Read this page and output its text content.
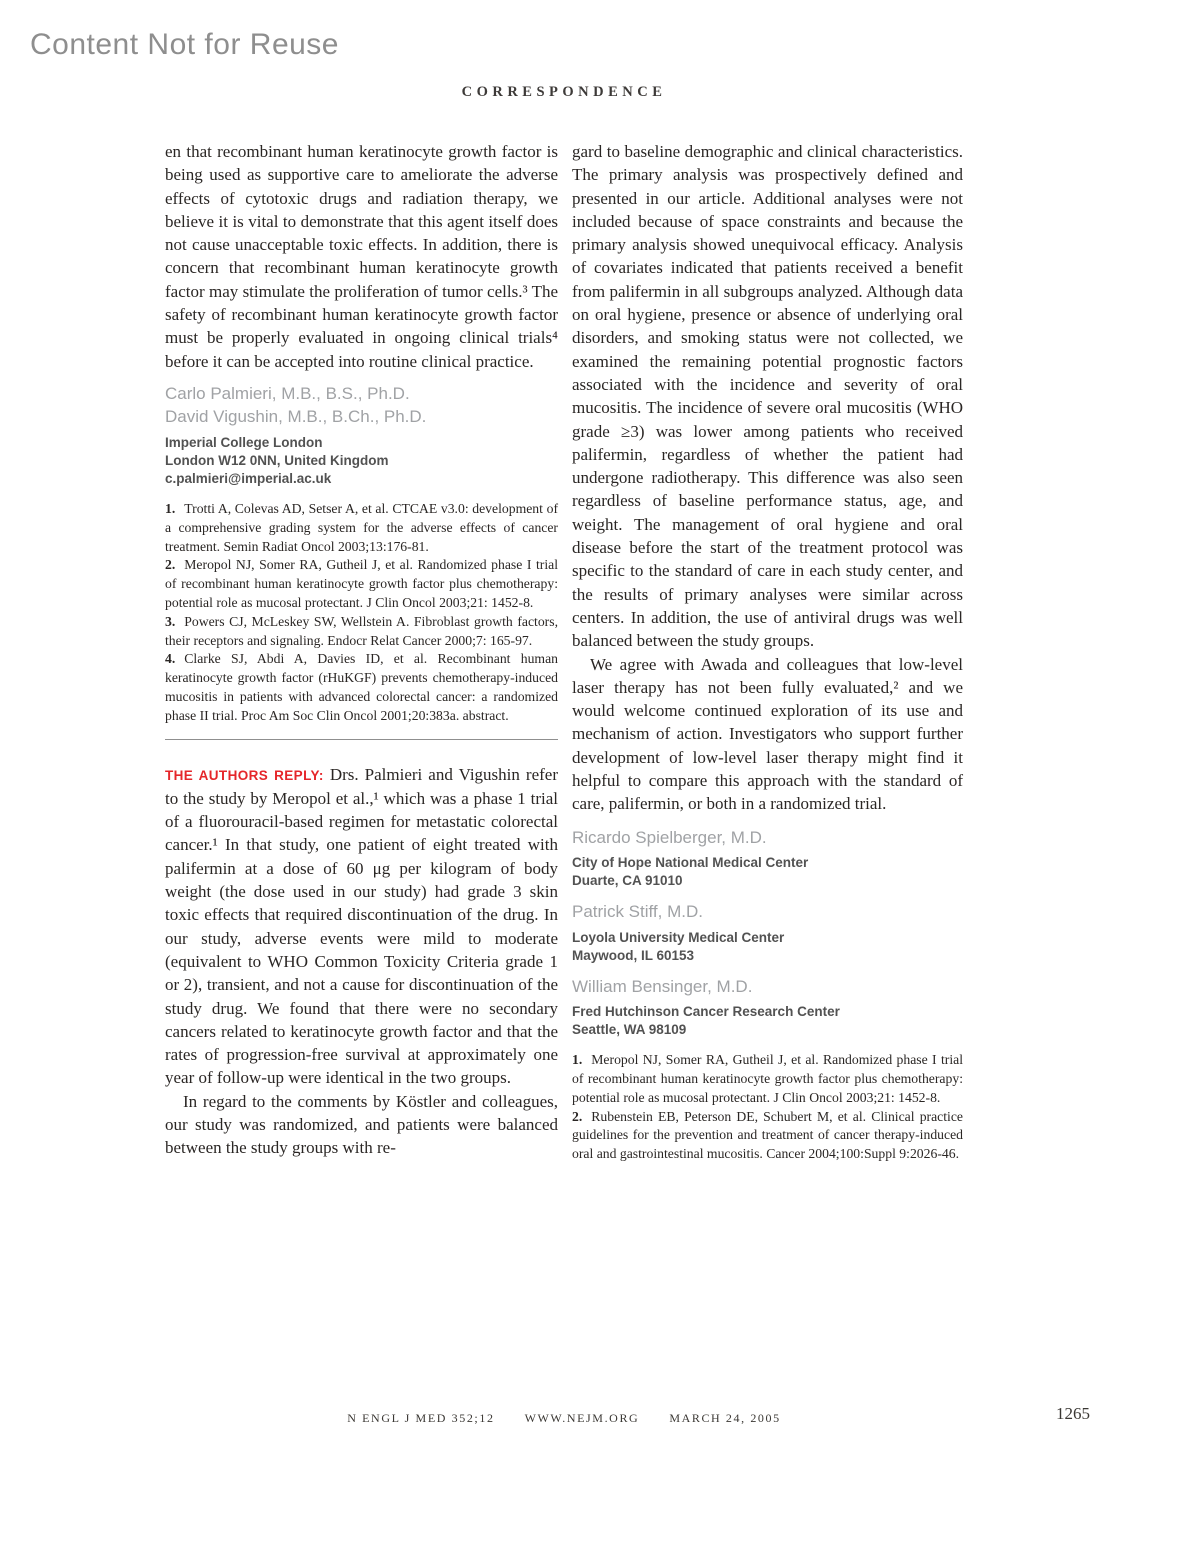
Content Not for Reuse
CORRESPONDENCE

en that recombinant human keratinocyte growth factor is being used as supportive care to ameliorate the adverse effects of cytotoxic drugs and radiation therapy, we believe it is vital to demonstrate that this agent itself does not cause unacceptable toxic effects. In addition, there is concern that recombinant human keratinocyte growth factor may stimulate the proliferation of tumor cells.³ The safety of recombinant human keratinocyte growth factor must be properly evaluated in ongoing clinical trials⁴ before it can be accepted into routine clinical practice.

Carlo Palmieri, M.B., B.S., Ph.D.

David Vigushin, M.B., B.Ch., Ph.D.

Imperial College London

London W12 0NN, United Kingdom

c.palmieri@imperial.ac.uk

1. Trotti A, Colevas AD, Setser A, et al. CTCAE v3.0: development of a comprehensive grading system for the adverse effects of cancer treatment. Semin Radiat Oncol 2003;13:176-81.

2. Meropol NJ, Somer RA, Gutheil J, et al. Randomized phase I trial of recombinant human keratinocyte growth factor plus chemotherapy: potential role as mucosal protectant. J Clin Oncol 2003;21: 1452-8.

3. Powers CJ, McLeskey SW, Wellstein A. Fibroblast growth factors, their receptors and signaling. Endocr Relat Cancer 2000;7: 165-97.

4. Clarke SJ, Abdi A, Davies ID, et al. Recombinant human keratinocyte growth factor (rHuKGF) prevents chemotherapy-induced mucositis in patients with advanced colorectal cancer: a randomized phase II trial. Proc Am Soc Clin Oncol 2001;20:383a. abstract.

THE AUTHORS REPLY: Drs. Palmieri and Vigushin refer to the study by Meropol et al.,¹ which was a phase 1 trial of a fluorouracil-based regimen for metastatic colorectal cancer.¹ In that study, one patient of eight treated with palifermin at a dose of 60 μg per kilogram of body weight (the dose used in our study) had grade 3 skin toxic effects that required discontinuation of the drug. In our study, adverse events were mild to moderate (equivalent to WHO Common Toxicity Criteria grade 1 or 2), transient, and not a cause for discontinuation of the study drug. We found that there were no secondary cancers related to keratinocyte growth factor and that the rates of progression-free survival at approximately one year of follow-up were identical in the two groups.

In regard to the comments by Köstler and colleagues, our study was randomized, and patients were balanced between the study groups with re-

gard to baseline demographic and clinical characteristics. The primary analysis was prospectively defined and presented in our article. Additional analyses were not included because of space constraints and because the primary analysis showed unequivocal efficacy. Analysis of covariates indicated that patients received a benefit from palifermin in all subgroups analyzed. Although data on oral hygiene, presence or absence of underlying oral disorders, and smoking status were not collected, we examined the remaining potential prognostic factors associated with the incidence and severity of oral mucositis. The incidence of severe oral mucositis (WHO grade ≥3) was lower among patients who received palifermin, regardless of whether the patient had undergone radiotherapy. This difference was also seen regardless of baseline performance status, age, and weight. The management of oral hygiene and oral disease before the start of the treatment protocol was specific to the standard of care in each study center, and the results of primary analyses were similar across centers. In addition, the use of antiviral drugs was well balanced between the study groups.

We agree with Awada and colleagues that low-level laser therapy has not been fully evaluated,² and we would welcome continued exploration of its use and mechanism of action. Investigators who support further development of low-level laser therapy might find it helpful to compare this approach with the standard of care, palifermin, or both in a randomized trial.

Ricardo Spielberger, M.D.

City of Hope National Medical Center

Duarte, CA 91010

Patrick Stiff, M.D.

Loyola University Medical Center

Maywood, IL 60153

William Bensinger, M.D.

Fred Hutchinson Cancer Research Center

Seattle, WA 98109

1. Meropol NJ, Somer RA, Gutheil J, et al. Randomized phase I trial of recombinant human keratinocyte growth factor plus chemotherapy: potential role as mucosal protectant. J Clin Oncol 2003;21: 1452-8.

2. Rubenstein EB, Peterson DE, Schubert M, et al. Clinical practice guidelines for the prevention and treatment of cancer therapy-induced oral and gastrointestinal mucositis. Cancer 2004;100:Suppl 9:2026-46.

N ENGL J MED 352;12	WWW.NEJM.ORG	MARCH 24, 2005	1265
